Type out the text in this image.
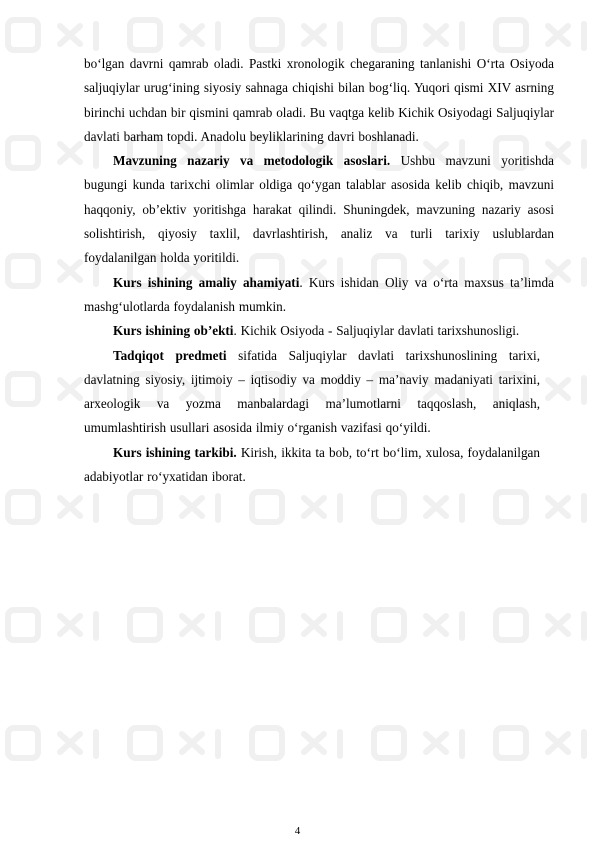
bo‘lgan davrni qamrab oladi. Pastki xronologik chegaraning tanlanishi O‘rta Osiyoda saljuqiylar urug‘ining siyosiy sahnaga chiqishi bilan bog‘liq. Yuqori qismi XIV asrning birinchi uchdan bir qismini qamrab oladi. Bu vaqtga kelib Kichik Osiyodagi Saljuqiylar davlati barham topdi. Anadolu beyliklarining davri boshlanadi.

Mavzuning nazariy va metodologik asoslari. Ushbu mavzuni yoritishda bugungi kunda tarixchi olimlar oldiga qo‘ygan talablar asosida kelib chiqib, mavzuni haqqoniy, ob’ektiv yoritishga harakat qilindi. Shuningdek, mavzuning nazariy asosi solishtirish, qiyosiy taxlil, davrlashtirish, analiz va turli tarixiy uslublardan foydalanilgan holda yoritildi.

Kurs ishining amaliy ahamiyati. Kurs ishidan Oliy va o‘rta maxsus ta’limda mashg‘ulotlarda foydalanish mumkin.

Kurs ishining ob’ekti. Kichik Osiyoda - Saljuqiylar davlati tarixshunosligi.

Tadqiqot predmeti sifatida Saljuqiylar davlati tarixshunoslining tarixi, davlatning siyosiy, ijtimoiy – iqtisodiy va moddiy – ma’naviy madaniyati tarixini, arxeologik va yozma manbalardagi ma’lumotlarni taqqoslash, aniqlash, umumlashtirish usullari asosida ilmiy o‘rganish vazifasi qo‘yildi.

Kurs ishining tarkibi. Kirish, ikkita ta bob, to‘rt bo‘lim, xulosa, foydalanilgan adabiyotlar ro‘yxatidan iborat.

4
